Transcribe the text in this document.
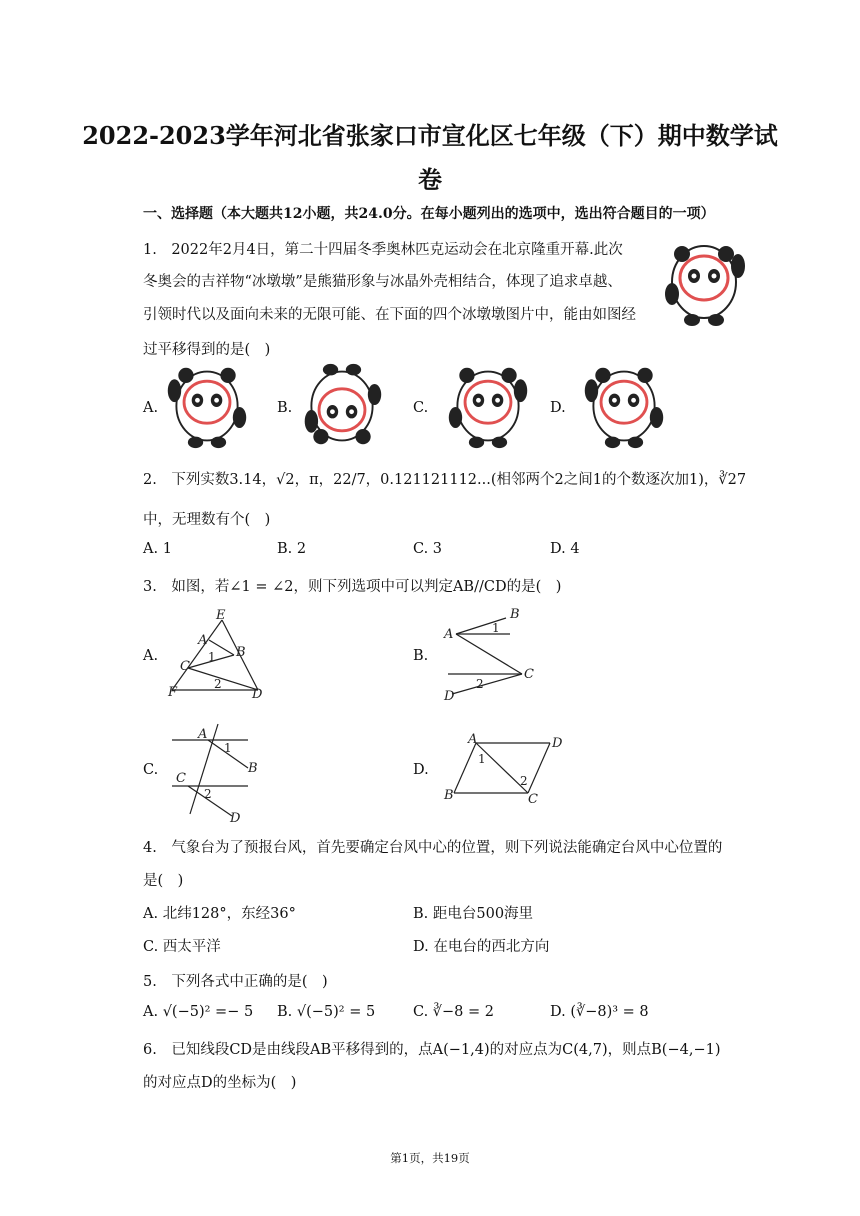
2022-2023学年河北省张家口市宣化区七年级（下）期中数学试
卷
一、选择题（本大题共12小题，共24.0分。在每小题列出的选项中，选出符合题目的一项）
1.　2022年2月4日，第二十四届冬季奥林匹克运动会在北京隆重开幕.此次
冬奥会的吉祥物“冰墩墩”是熊猫形象与冰晶外壳相结合，体现了追求卓越、
引领时代以及面向未来的无限可能、在下面的四个冰墩墩图片中，能由如图经
过平移得到的是(　)
A.	B.	C.	D.
2.　下列实数3.14，√2，π，22/7，0.121121112...(相邻两个2之间1的个数逐次加1)，∛27
中，无理数有个(　)
A. 1	B. 2	C. 3	D. 4
3.　如图，若∠1 = ∠2，则下列选项中可以判定AB//CD的是(　)
A.	B.
C.	D.
E
A
B
C
F	D
1
2
A
B
C
D
1
2
A
B
C
D
1
2
A	D
B	C
1
2
4.　气象台为了预报台风，首先要确定台风中心的位置，则下列说法能确定台风中心位置的
是(　)
A. 北纬128°，东经36°	B. 距电台500海里
C. 西太平洋	D. 在电台的西北方向
5.　下列各式中正确的是(　)
A. √(−5)² =− 5 B. √(−5)² = 5	C. ∛−8 = 2	D. (∛−8)³ = 8
6.　已知线段CD是由线段AB平移得到的，点A(−1,4)的对应点为C(4,7)，则点B(−4,−1)
的对应点D的坐标为(　)
第1页，共19页
